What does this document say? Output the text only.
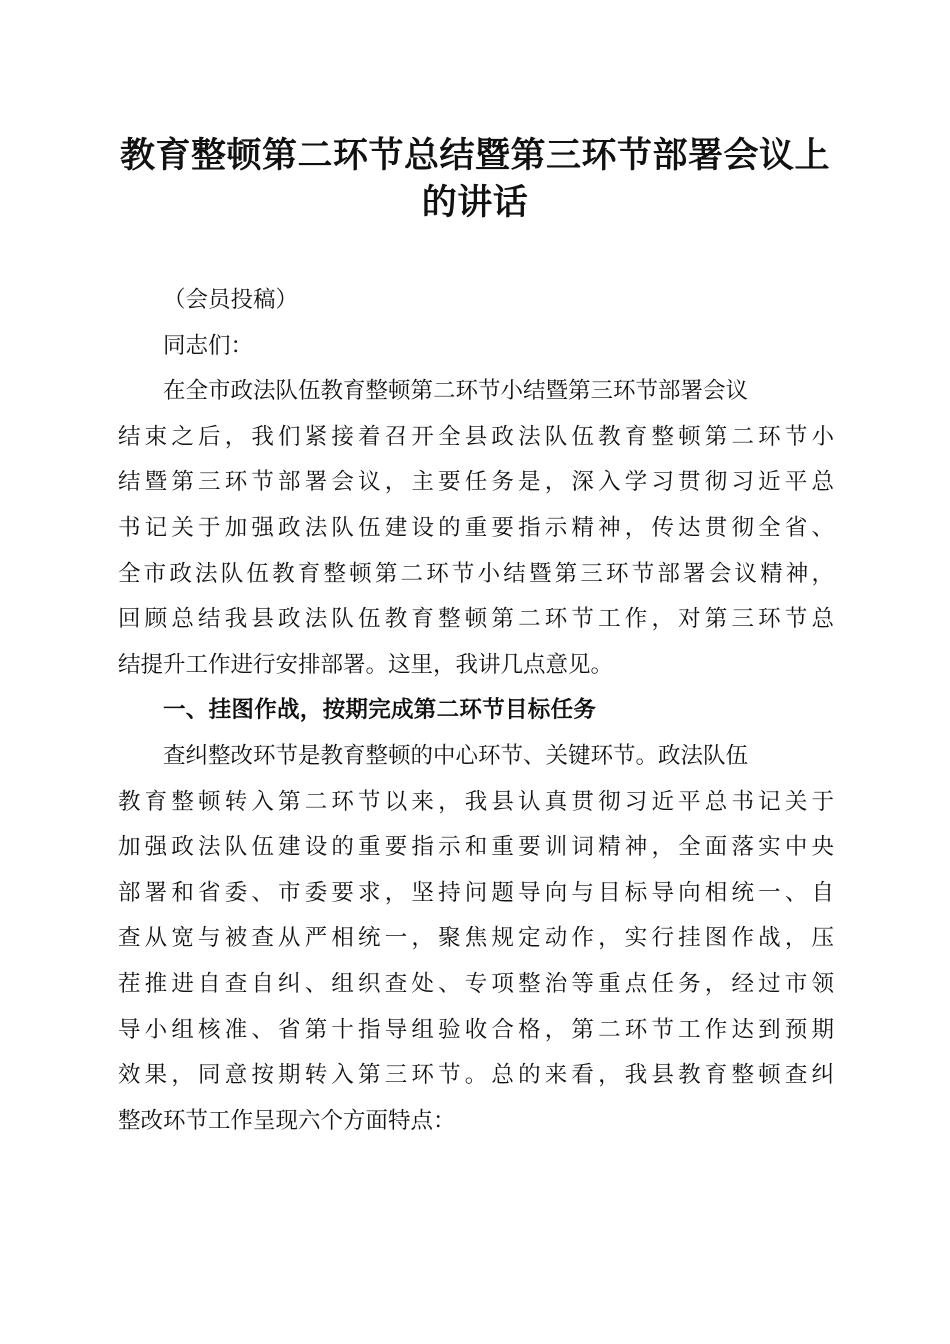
教育整顿第二环节总结暨第三环节部署会议上
的讲话
（会员投稿）
同志们：
在全市政法队伍教育整顿第二环节小结暨第三环节部署会议
结束之后，我们紧接着召开全县政法队伍教育整顿第二环节小
结暨第三环节部署会议，主要任务是，深入学习贯彻习近平总
书记关于加强政法队伍建设的重要指示精神，传达贯彻全省、
全市政法队伍教育整顿第二环节小结暨第三环节部署会议精神，
回顾总结我县政法队伍教育整顿第二环节工作，对第三环节总
结提升工作进行安排部署。这里，我讲几点意见。
一、挂图作战，按期完成第二环节目标任务
查纠整改环节是教育整顿的中心环节、关键环节。政法队伍
教育整顿转入第二环节以来，我县认真贯彻习近平总书记关于
加强政法队伍建设的重要指示和重要训词精神，全面落实中央
部署和省委、市委要求，坚持问题导向与目标导向相统一、自
查从宽与被查从严相统一，聚焦规定动作，实行挂图作战，压
茬推进自查自纠、组织查处、专项整治等重点任务，经过市领
导小组核准、省第十指导组验收合格，第二环节工作达到预期
效果，同意按期转入第三环节。总的来看，我县教育整顿查纠
整改环节工作呈现六个方面特点：
